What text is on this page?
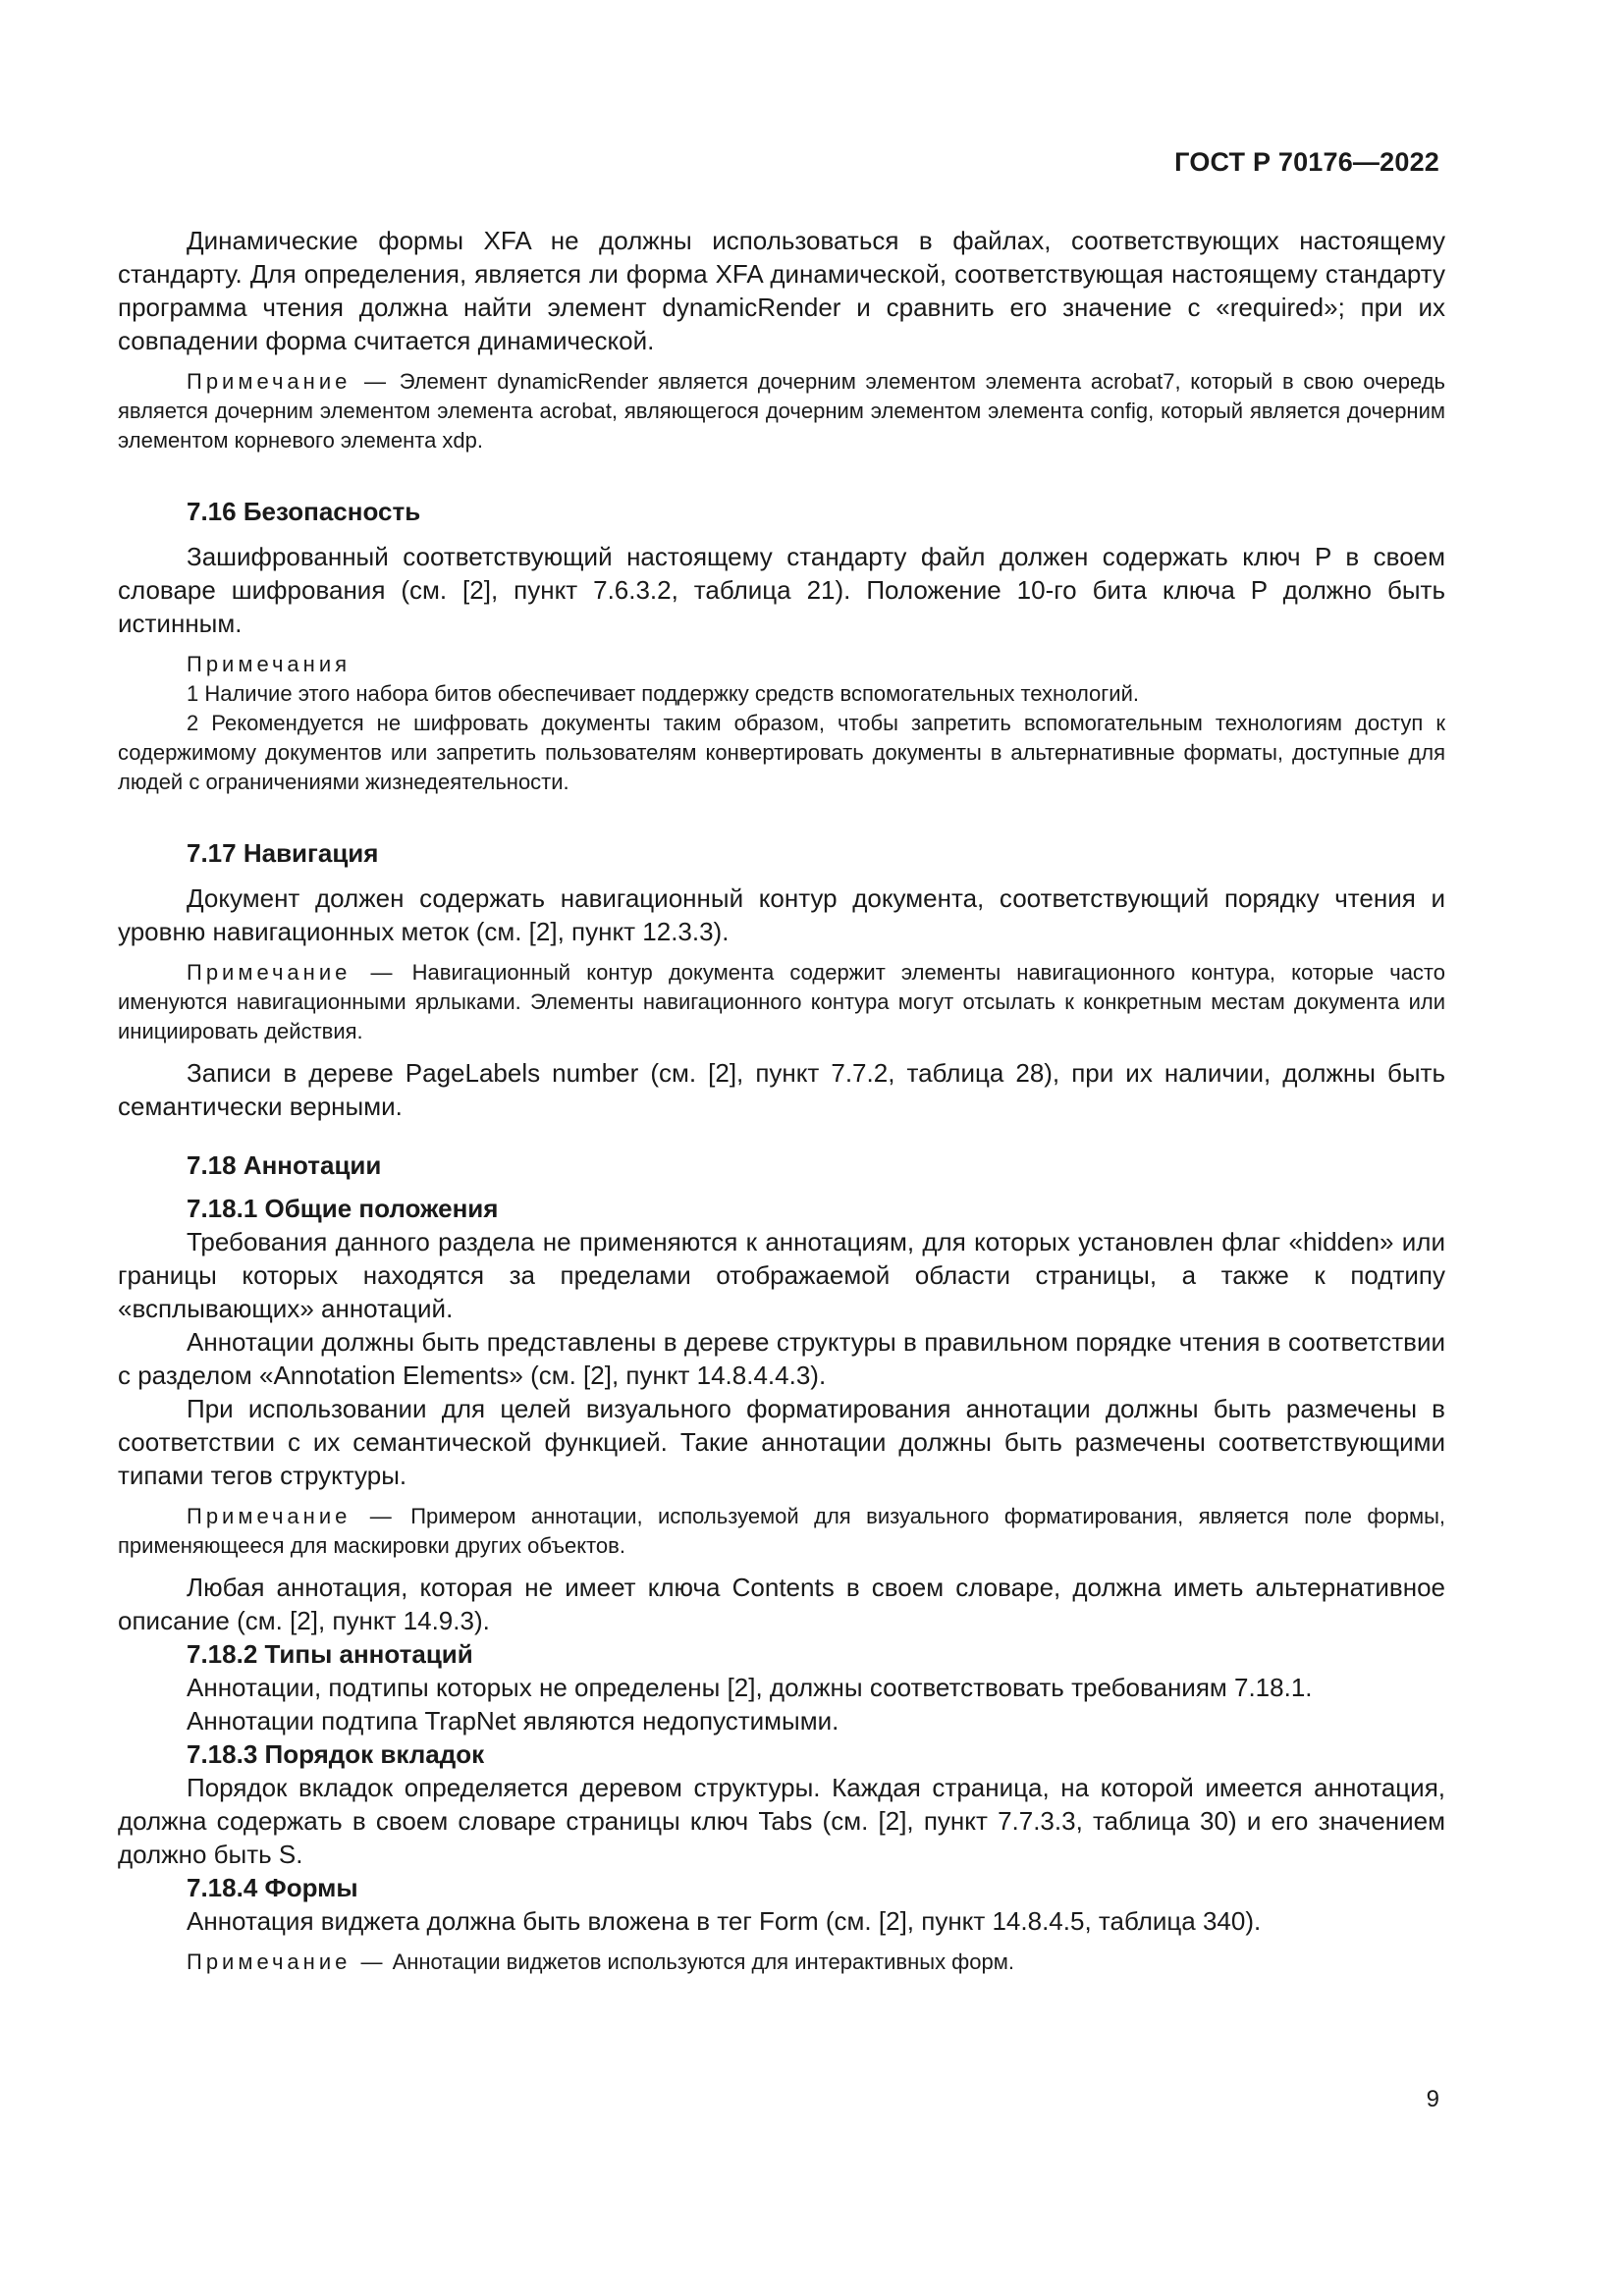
ГОСТ Р 70176—2022

Динамические формы XFA не должны использоваться в файлах, соответствующих настоящему стандарту. Для определения, является ли форма XFA динамической, соответствующая настоящему стандарту программа чтения должна найти элемент dynamicRender и сравнить его значение с «required»; при их совпадении форма считается динамической.

Примечание — Элемент dynamicRender является дочерним элементом элемента acrobat7, который в свою очередь является дочерним элементом элемента acrobat, являющегося дочерним элементом элемента config, который является дочерним элементом корневого элемента xdp.

7.16 Безопасность

Зашифрованный соответствующий настоящему стандарту файл должен содержать ключ P в своем словаре шифрования (см. [2], пункт 7.6.3.2, таблица 21). Положение 10-го бита ключа P должно быть истинным.

Примечания

1 Наличие этого набора битов обеспечивает поддержку средств вспомогательных технологий.

2 Рекомендуется не шифровать документы таким образом, чтобы запретить вспомогательным технологиям доступ к содержимому документов или запретить пользователям конвертировать документы в альтернативные форматы, доступные для людей с ограничениями жизнедеятельности.

7.17 Навигация

Документ должен содержать навигационный контур документа, соответствующий порядку чтения и уровню навигационных меток (см. [2], пункт 12.3.3).

Примечание — Навигационный контур документа содержит элементы навигационного контура, которые часто именуются навигационными ярлыками. Элементы навигационного контура могут отсылать к конкретным местам документа или инициировать действия.

Записи в дереве PageLabels number (см. [2], пункт 7.7.2, таблица 28), при их наличии, должны быть семантически верными.

7.18 Аннотации

7.18.1 Общие положения

Требования данного раздела не применяются к аннотациям, для которых установлен флаг «hidden» или границы которых находятся за пределами отображаемой области страницы, а также к подтипу «всплывающих» аннотаций.

Аннотации должны быть представлены в дереве структуры в правильном порядке чтения в соответствии с разделом «Annotation Elements» (см. [2], пункт 14.8.4.4.3).

При использовании для целей визуального форматирования аннотации должны быть размечены в соответствии с их семантической функцией. Такие аннотации должны быть размечены соответствующими типами тегов структуры.

Примечание — Примером аннотации, используемой для визуального форматирования, является поле формы, применяющееся для маскировки других объектов.

Любая аннотация, которая не имеет ключа Contents в своем словаре, должна иметь альтернативное описание (см. [2], пункт 14.9.3).

7.18.2 Типы аннотаций

Аннотации, подтипы которых не определены [2], должны соответствовать требованиям 7.18.1.

Аннотации подтипа TrapNet являются недопустимыми.

7.18.3 Порядок вкладок

Порядок вкладок определяется деревом структуры. Каждая страница, на которой имеется аннотация, должна содержать в своем словаре страницы ключ Tabs (см. [2], пункт 7.7.3.3, таблица 30) и его значением должно быть S.

7.18.4 Формы

Аннотация виджета должна быть вложена в тег Form (см. [2], пункт 14.8.4.5, таблица 340).

Примечание — Аннотации виджетов используются для интерактивных форм.

9
